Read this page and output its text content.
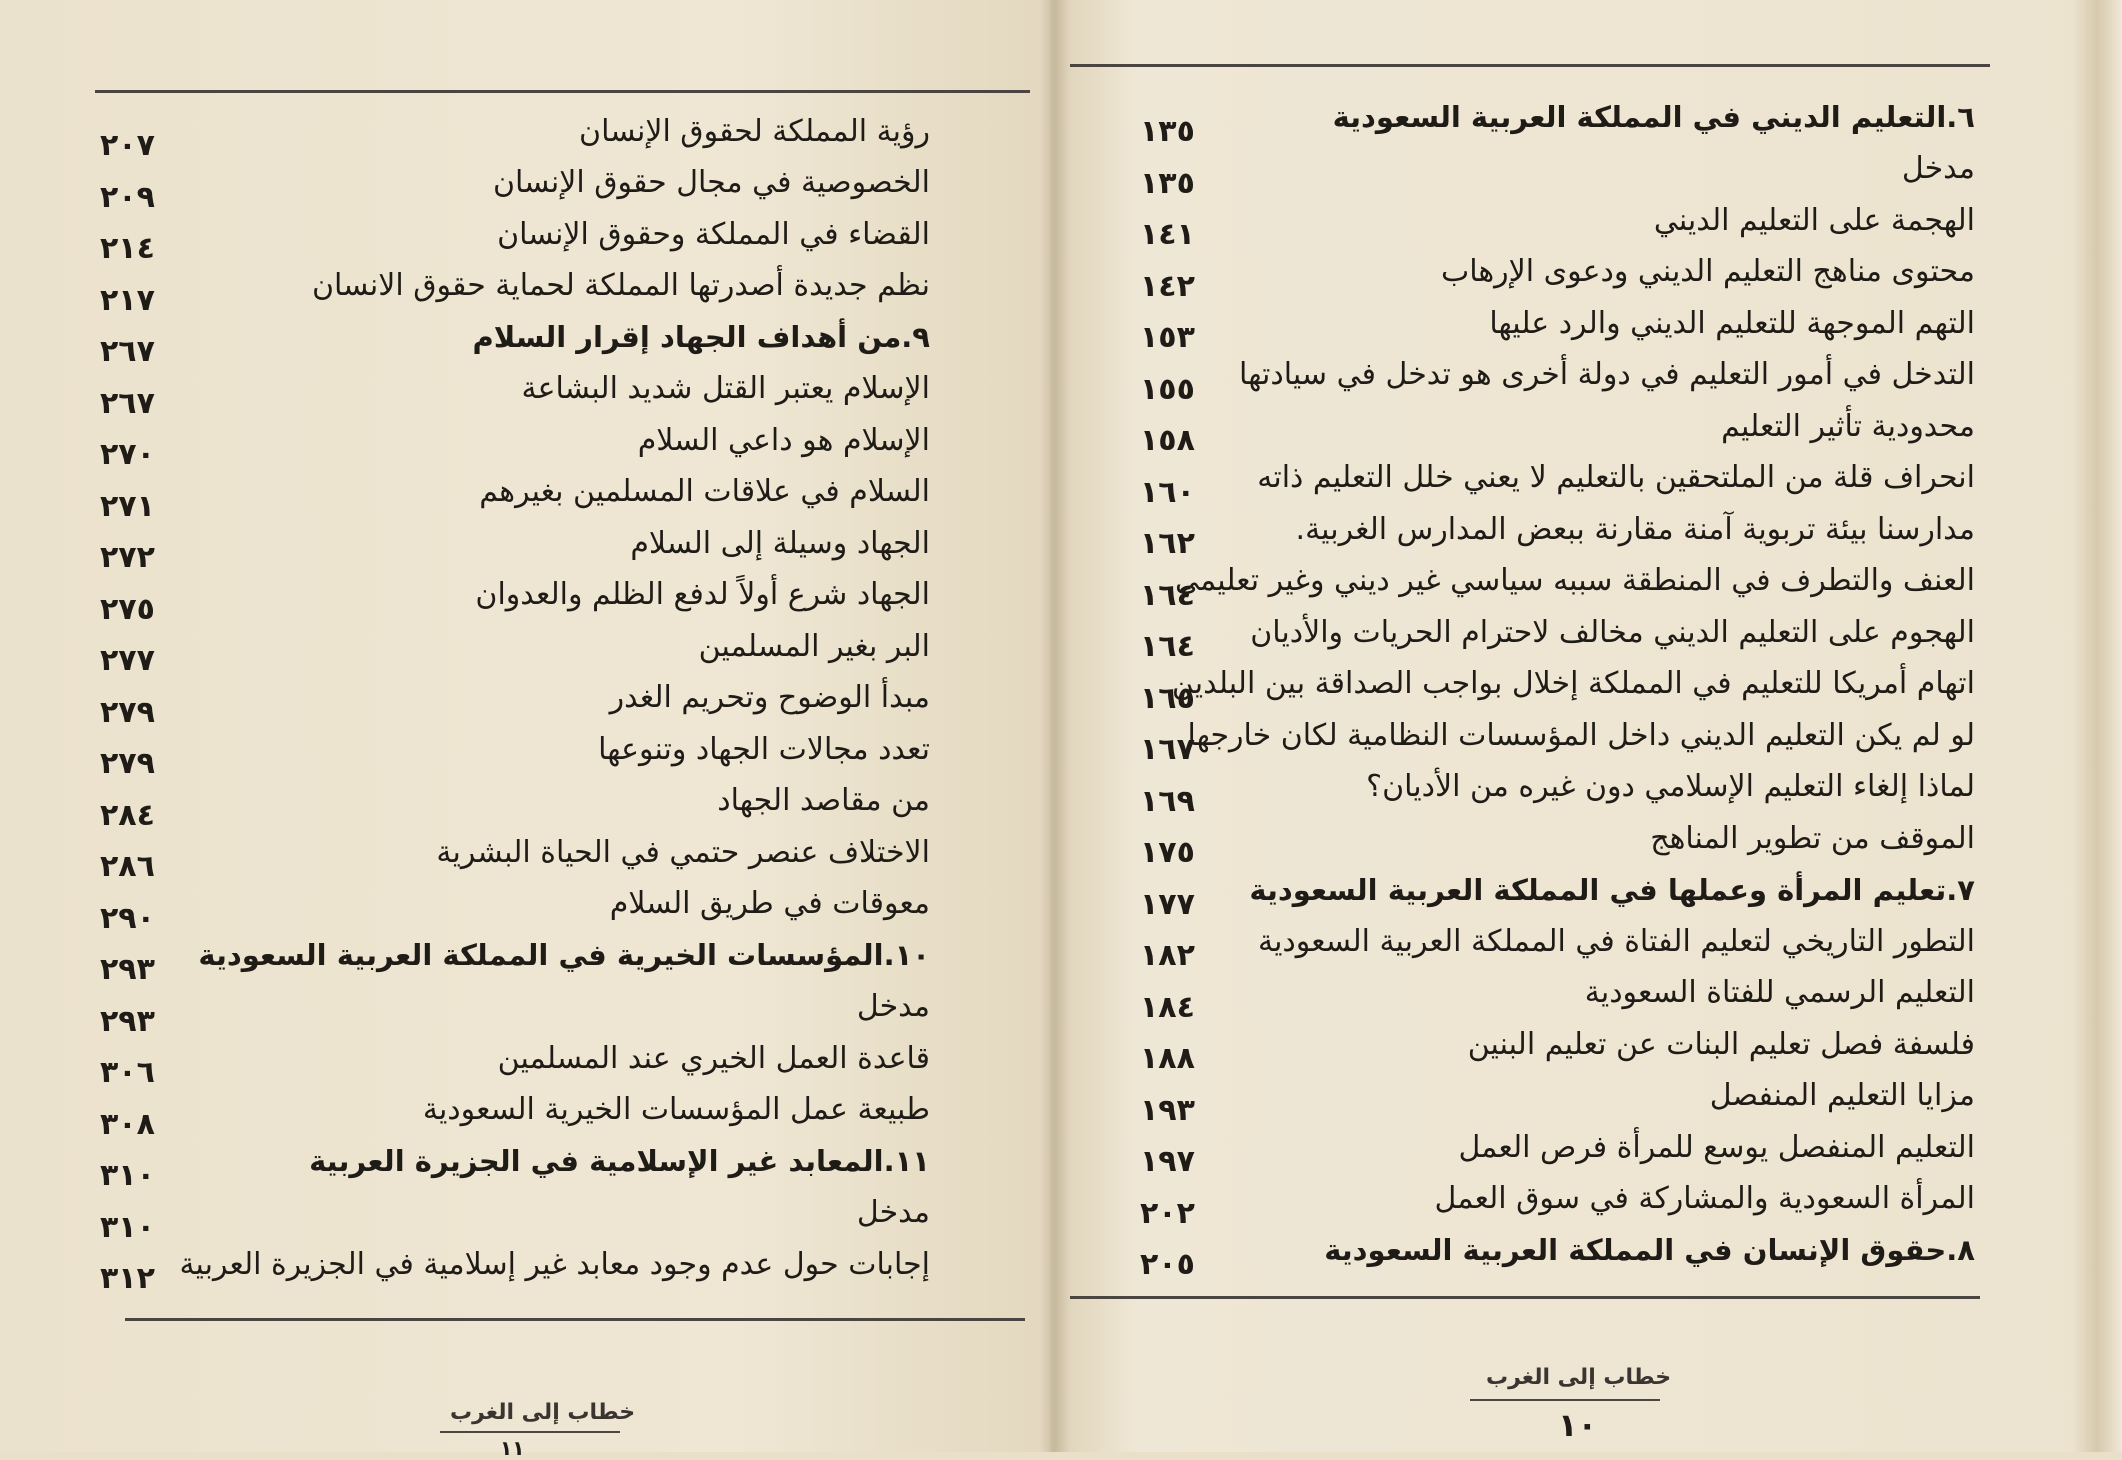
٦.التعليم الديني في المملكة العربية السعودية
١٣٥
مدخل
١٣٥
الهجمة على التعليم الديني
١٤١
محتوى مناهج التعليم الديني ودعوى الإرهاب
١٤٢
التهم الموجهة للتعليم الديني والرد عليها
١٥٣
التدخل في أمور التعليم في دولة أخرى هو تدخل في سيادتها
١٥٥
محدودية تأثير التعليم
١٥٨
انحراف قلة من الملتحقين بالتعليم لا يعني خلل التعليم ذاته
١٦٠
مدارسنا بيئة تربوية آمنة مقارنة ببعض المدارس الغربية.
١٦٢
العنف والتطرف في المنطقة سببه سياسي غير ديني وغير تعليمي
١٦٤
الهجوم على التعليم الديني مخالف لاحترام الحريات والأديان
١٦٤
اتهام أمريكا للتعليم في المملكة إخلال بواجب الصداقة بين البلدين
١٦٥
لو لم يكن التعليم الديني داخل المؤسسات النظامية لكان خارجها
١٦٧
لماذا إلغاء التعليم الإسلامي دون غيره من الأديان؟
١٦٩
الموقف من تطوير المناهج
١٧٥
٧.تعليم المرأة وعملها في المملكة العربية السعودية
١٧٧
التطور التاريخي لتعليم الفتاة في المملكة العربية السعودية
١٨٢
التعليم الرسمي للفتاة السعودية
١٨٤
فلسفة فصل تعليم البنات عن تعليم البنين
١٨٨
مزايا التعليم المنفصل
١٩٣
التعليم المنفصل يوسع للمرأة فرص العمل
١٩٧
المرأة السعودية والمشاركة في سوق العمل
٢٠٢
٨.حقوق الإنسان في المملكة العربية السعودية
٢٠٥
رؤية المملكة لحقوق الإنسان
٢٠٧
الخصوصية في مجال حقوق الإنسان
٢٠٩
القضاء في المملكة وحقوق الإنسان
٢١٤
نظم جديدة أصدرتها المملكة لحماية حقوق الانسان
٢١٧
٩.من أهداف الجهاد إقرار السلام
٢٦٧
الإسلام يعتبر القتل شديد البشاعة
٢٦٧
الإسلام هو داعي السلام
٢٧٠
السلام في علاقات المسلمين بغيرهم
٢٧١
الجهاد وسيلة إلى السلام
٢٧٢
الجهاد شرع أولاً لدفع الظلم والعدوان
٢٧٥
البر بغير المسلمين
٢٧٧
مبدأ الوضوح وتحريم الغدر
٢٧٩
تعدد مجالات الجهاد وتنوعها
٢٧٩
من مقاصد الجهاد
٢٨٤
الاختلاف عنصر حتمي في الحياة البشرية
٢٨٦
معوقات في طريق السلام
٢٩٠
١٠.المؤسسات الخيرية في المملكة العربية السعودية
٢٩٣
مدخل
٢٩٣
قاعدة العمل الخيري عند المسلمين
٣٠٦
طبيعة عمل المؤسسات الخيرية السعودية
٣٠٨
١١.المعابد غير الإسلامية في الجزيرة العربية
٣١٠
مدخل
٣١٠
إجابات حول عدم وجود معابد غير إسلامية في الجزيرة العربية
٣١٢
خطاب إلى الغرب
١٠
خطاب إلى الغرب
١١
